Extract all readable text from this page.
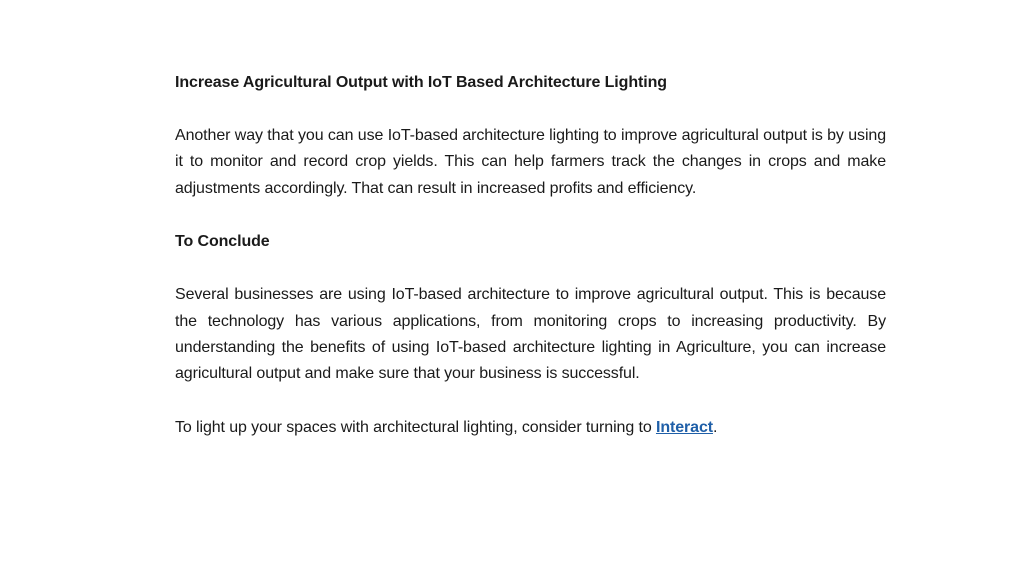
Increase Agricultural Output with IoT Based Architecture Lighting
Another way that you can use IoT-based architecture lighting to improve agricultural output is by using it to monitor and record crop yields. This can help farmers track the changes in crops and make adjustments accordingly. That can result in increased profits and efficiency.
To Conclude
Several businesses are using IoT-based architecture to improve agricultural output. This is because the technology has various applications, from monitoring crops to increasing productivity. By understanding the benefits of using IoT-based architecture lighting in Agriculture, you can increase agricultural output and make sure that your business is successful.
To light up your spaces with architectural lighting, consider turning to Interact.
